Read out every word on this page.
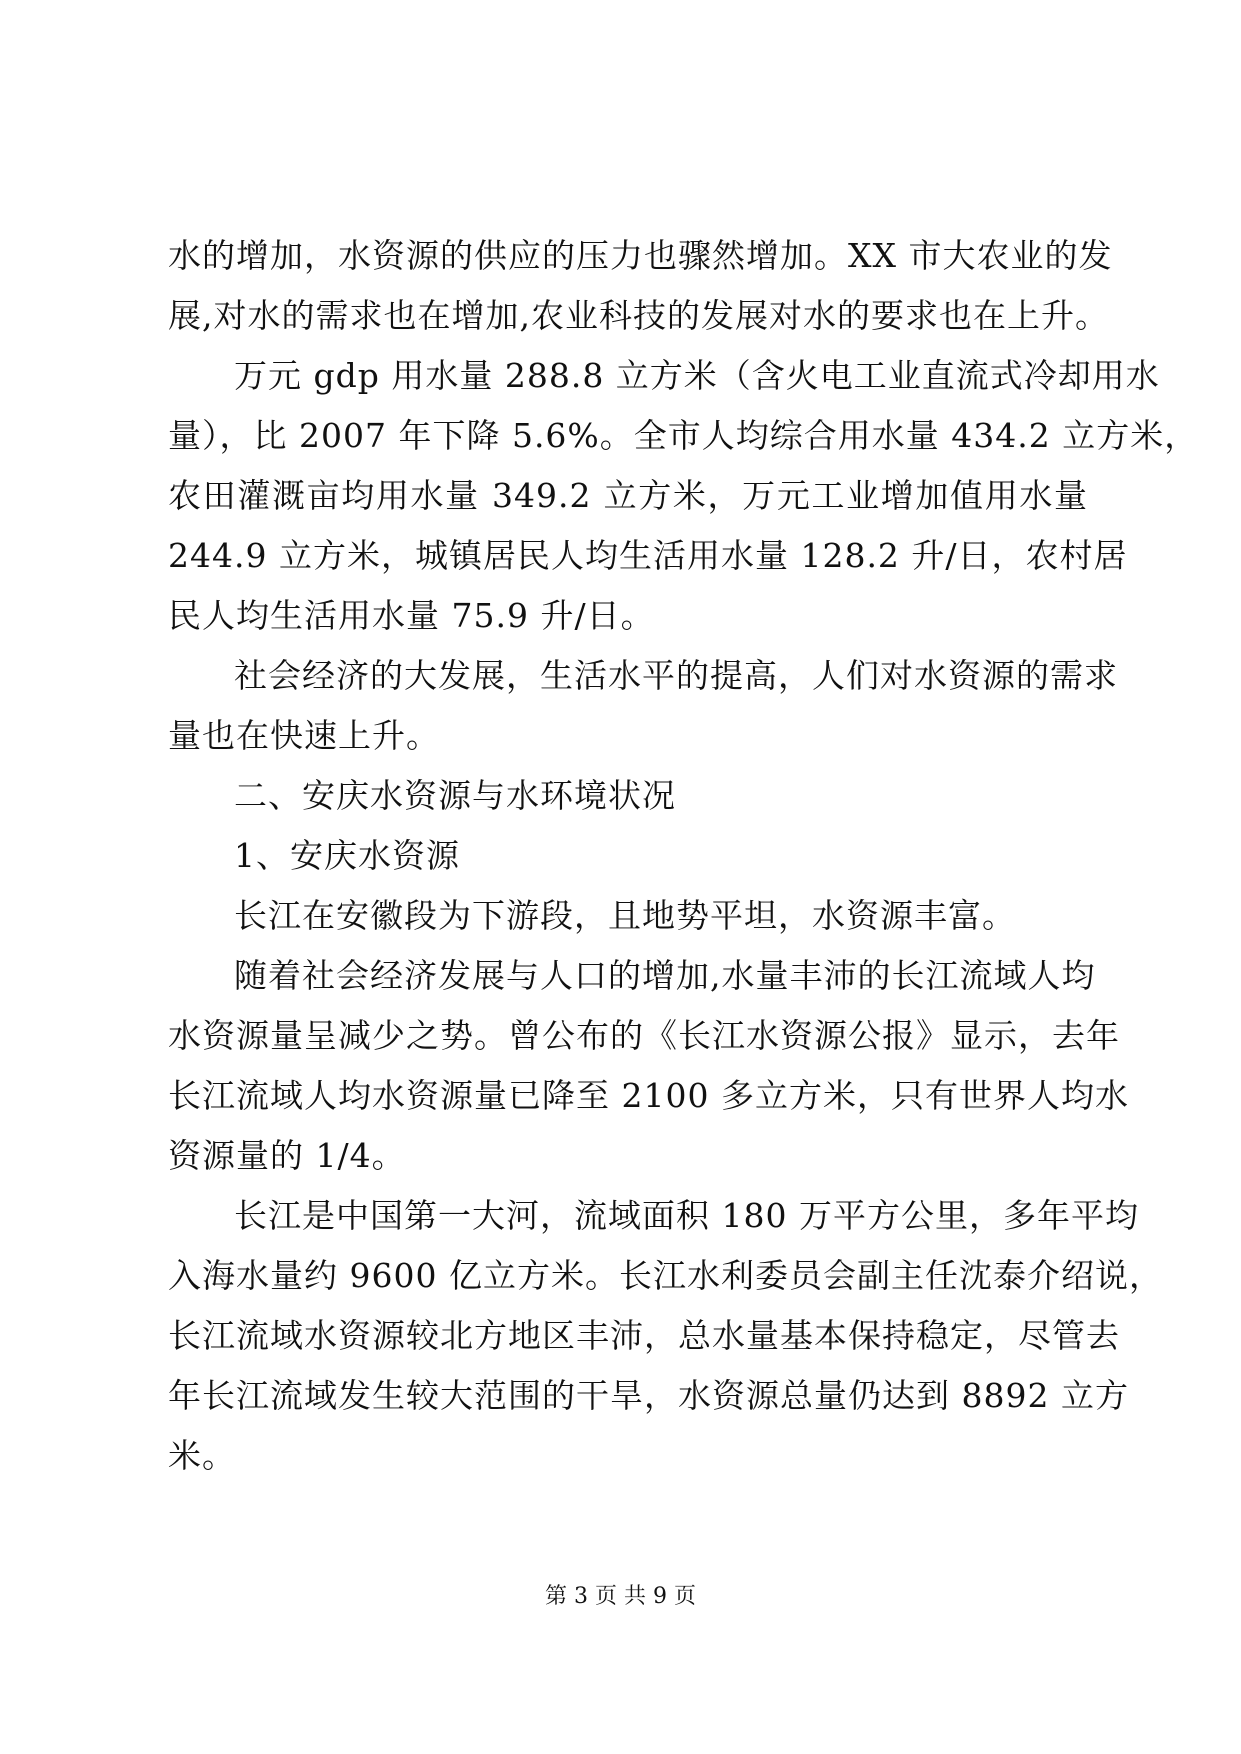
水的增加，水资源的供应的压力也骤然增加。XX 市大农业的发
展,对水的需求也在增加,农业科技的发展对水的要求也在上升。
万元 gdp 用水量 288.8 立方米（含火电工业直流式冷却用水
量），比 2007 年下降 5.6%。全市人均综合用水量 434.2 立方米，
农田灌溉亩均用水量 349.2 立方米，万元工业增加值用水量
244.9 立方米，城镇居民人均生活用水量 128.2 升/日，农村居
民人均生活用水量 75.9 升/日。
社会经济的大发展，生活水平的提高，人们对水资源的需求
量也在快速上升。
二、安庆水资源与水环境状况
1、安庆水资源
长江在安徽段为下游段，且地势平坦，水资源丰富。
随着社会经济发展与人口的增加,水量丰沛的长江流域人均
水资源量呈减少之势。曾公布的《长江水资源公报》显示，去年
长江流域人均水资源量已降至 2100 多立方米，只有世界人均水
资源量的 1/4。
长江是中国第一大河，流域面积 180 万平方公里，多年平均
入海水量约 9600 亿立方米。长江水利委员会副主任沈泰介绍说，
长江流域水资源较北方地区丰沛，总水量基本保持稳定，尽管去
年长江流域发生较大范围的干旱，水资源总量仍达到 8892 立方
米。
第 3 页 共 9 页
